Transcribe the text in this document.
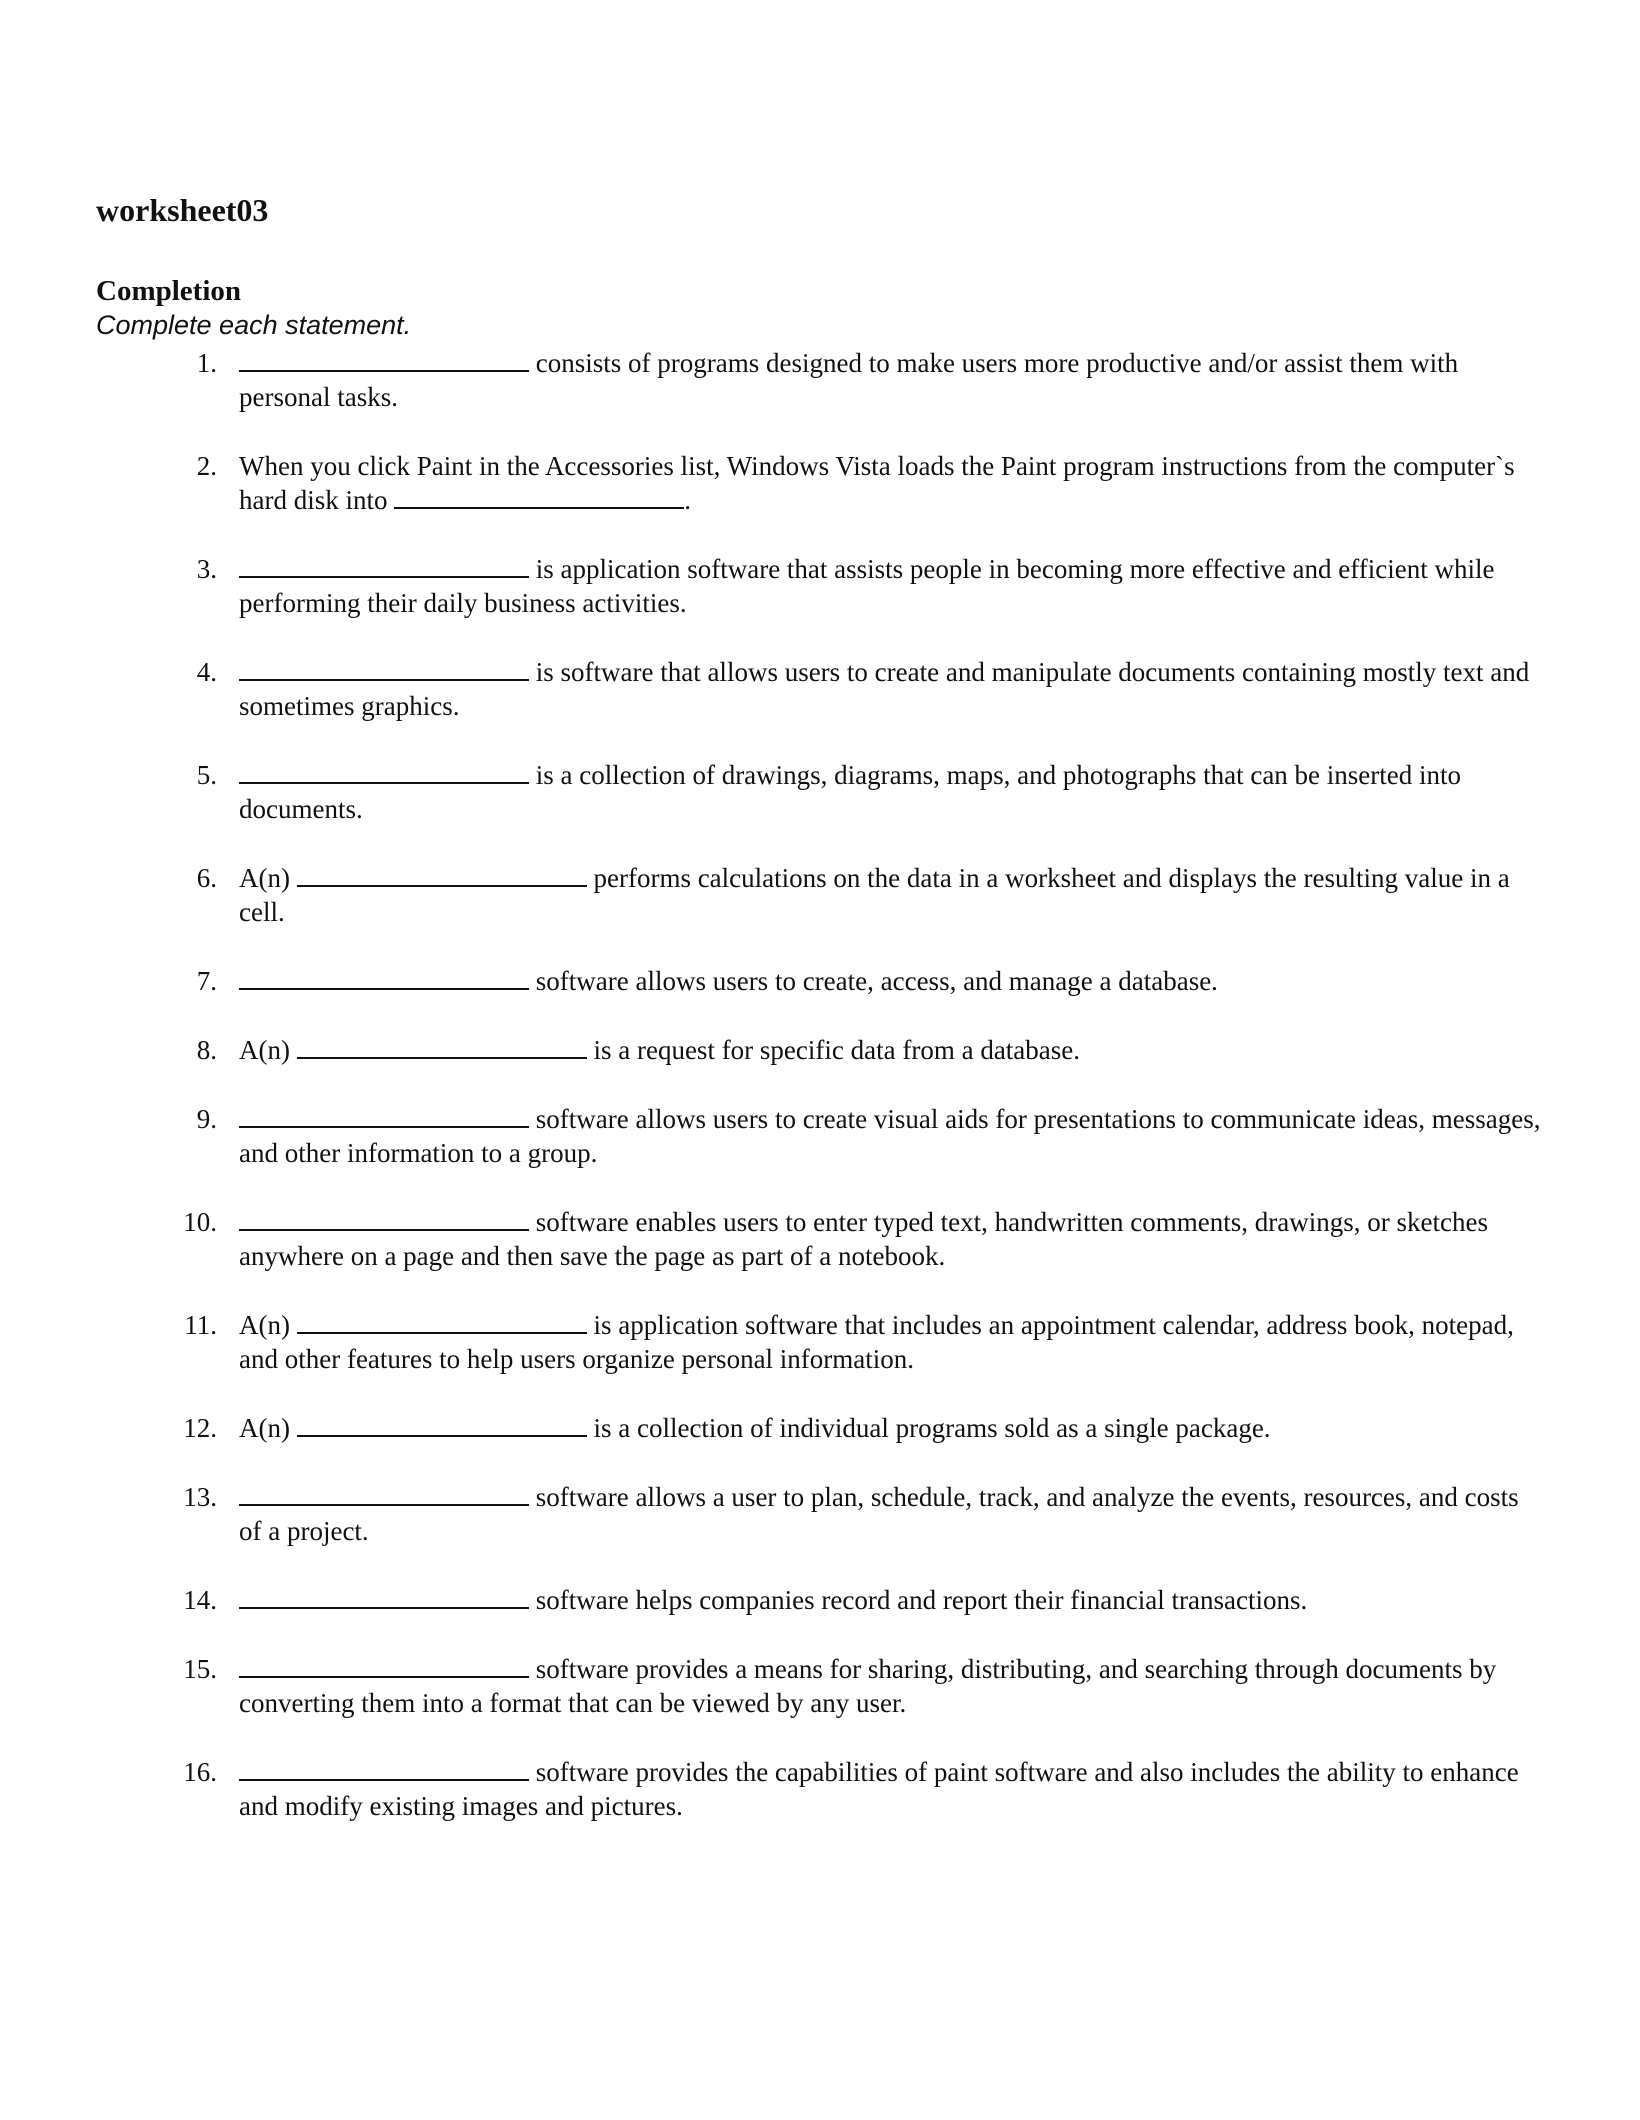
worksheet03
Completion

Complete each statement.

1.	consists of programs designed to make users more productive and/or assist them with personal tasks.
2. When you click Paint in the Accessories list, Windows Vista loads the Paint program instructions from the computer`s hard disk into	.
3.	is application software that assists people in becoming more effective and efficient while performing their daily business activities.
4.	is software that allows users to create and manipulate documents containing mostly text and sometimes graphics.
5.	is a collection of drawings, diagrams, maps, and photographs that can be inserted into documents.
6. A(n)	performs calculations on the data in a worksheet and displays the resulting value in a cell.
7.	software allows users to create, access, and manage a database.
8. A(n)	is a request for specific data from a database.
9.	software allows users to create visual aids for presentations to communicate ideas, messages, and other information to a group.
10.	software enables users to enter typed text, handwritten comments, drawings, or sketches anywhere on a page and then save the page as part of a notebook.
11. A(n)	is application software that includes an appointment calendar, address book, notepad, and other features to help users organize personal information.
12. A(n)	is a collection of individual programs sold as a single package.
13.	software allows a user to plan, schedule, track, and analyze the events, resources, and costs of a project.
14.	software helps companies record and report their financial transactions.
15.	software provides a means for sharing, distributing, and searching through documents by converting them into a format that can be viewed by any user.
16.	software provides the capabilities of paint software and also includes the ability to enhance and modify existing images and pictures.
